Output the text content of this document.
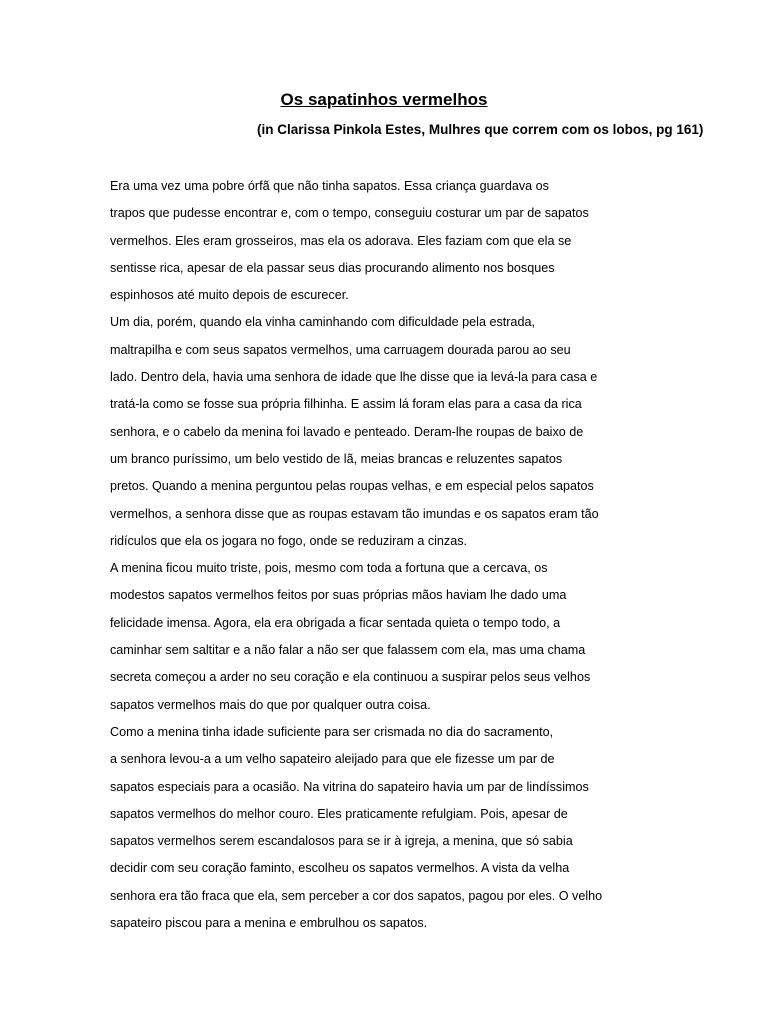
Os sapatinhos vermelhos
(in Clarissa Pinkola Estes, Mulhres que correm com os lobos, pg 161)
Era uma vez uma pobre órfã que não tinha sapatos. Essa criança guardava os
trapos que pudesse encontrar e, com o tempo, conseguiu costurar um par de sapatos
vermelhos. Eles eram grosseiros, mas ela os adorava. Eles faziam com que ela se
sentisse rica, apesar de ela passar seus dias procurando alimento nos bosques
espinhosos até muito depois de escurecer.
Um dia, porém, quando ela vinha caminhando com dificuldade pela estrada,
maltrapilha e com seus sapatos vermelhos, uma carruagem dourada parou ao seu
lado. Dentro dela, havia uma senhora de idade que lhe disse que ia levá-la para casa e
tratá-la como se fosse sua própria filhinha. E assim lá foram elas para a casa da rica
senhora, e o cabelo da menina foi lavado e penteado. Deram-lhe roupas de baixo de
um branco puríssimo, um belo vestido de lã, meias brancas e reluzentes sapatos
pretos. Quando a menina perguntou pelas roupas velhas, e em especial pelos sapatos
vermelhos, a senhora disse que as roupas estavam tão imundas e os sapatos eram tão
ridículos que ela os jogara no fogo, onde se reduziram a cinzas.
A menina ficou muito triste, pois, mesmo com toda a fortuna que a cercava, os
modestos sapatos vermelhos feitos por suas próprias mãos haviam lhe dado uma
felicidade imensa. Agora, ela era obrigada a ficar sentada quieta o tempo todo, a
caminhar sem saltitar e a não falar a não ser que falassem com ela, mas uma chama
secreta começou a arder no seu coração e ela continuou a suspirar pelos seus velhos
sapatos vermelhos mais do que por qualquer outra coisa.
Como a menina tinha idade suficiente para ser crismada no dia do sacramento,
a senhora levou-a a um velho sapateiro aleijado para que ele fizesse um par de
sapatos especiais para a ocasião. Na vitrina do sapateiro havia um par de lindíssimos
sapatos vermelhos do melhor couro. Eles praticamente refulgiam. Pois, apesar de
sapatos vermelhos serem escandalosos para se ir à igreja, a menina, que só sabia
decidir com seu coração faminto, escolheu os sapatos vermelhos. A vista da velha
senhora era tão fraca que ela, sem perceber a cor dos sapatos, pagou por eles. O velho
sapateiro piscou para a menina e embrulhou os sapatos.
